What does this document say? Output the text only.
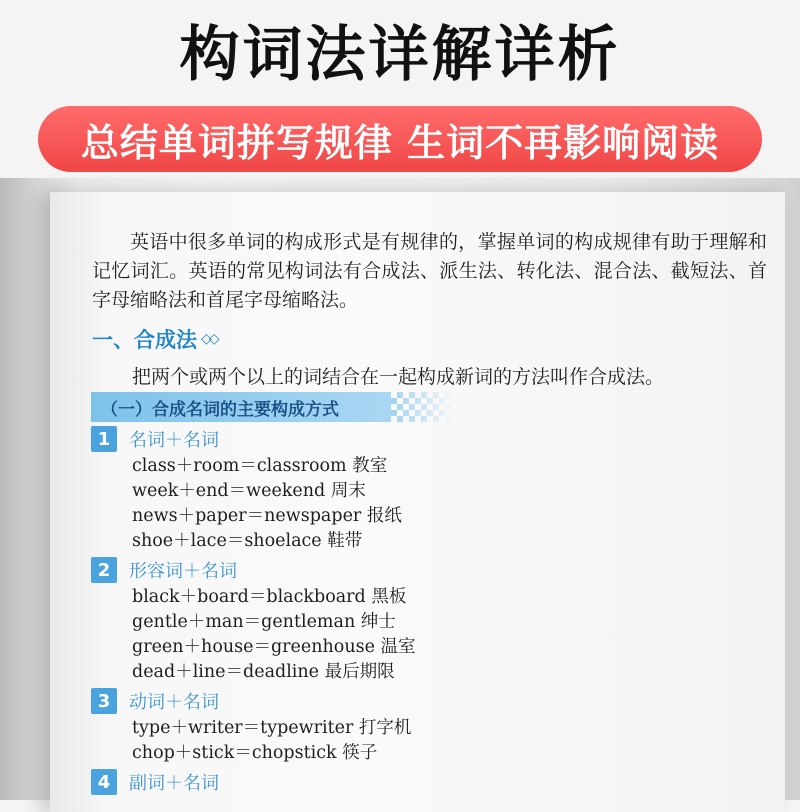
构词法详解详析
总结单词拼写规律 生词不再影响阅读

英语中很多单词的构成形式是有规律的，掌握单词的构成规律有助于理解和记忆词汇。英语的常见构词法有合成法、派生法、转化法、混合法、截短法、首字母缩略法和首尾字母缩略法。

一、合成法 ◇◇
把两个或两个以上的词结合在一起构成新词的方法叫作合成法。
（一）合成名词的主要构成方式
1	名词＋名词
class＋room＝classroom 教室
week＋end＝weekend 周末
news＋paper＝newspaper 报纸
shoe＋lace＝shoelace 鞋带
2	形容词＋名词
black＋board＝blackboard 黑板
gentle＋man＝gentleman 绅士
green＋house＝greenhouse 温室
dead＋line＝deadline 最后期限
3	动词＋名词
type＋writer＝typewriter 打字机
chop＋stick＝chopstick 筷子
4	副词＋名词
